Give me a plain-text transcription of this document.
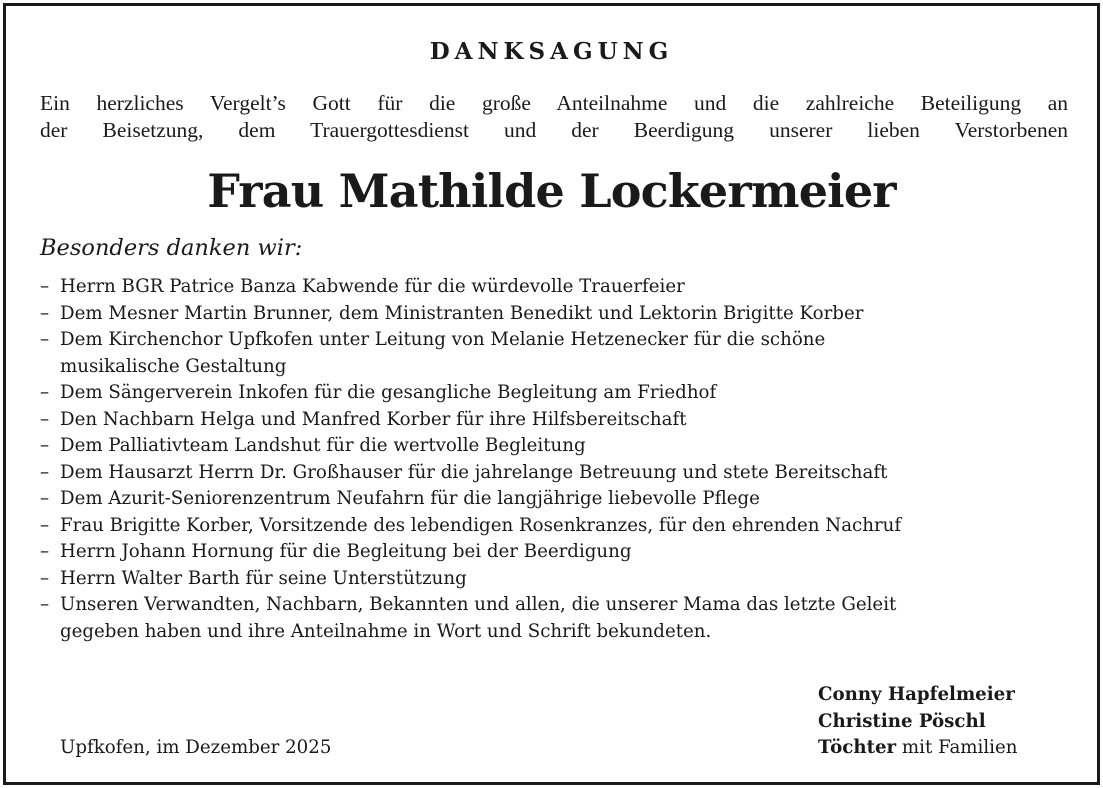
DANKSAGUNG
Ein herzliches Vergelt’s Gott für die große Anteilnahme und die zahlreiche Beteiligung an
der Beisetzung, dem Trauergottesdienst und der Beerdigung unserer lieben Verstorbenen
Frau Mathilde Lockermeier
Besonders danken wir:
– Herrn BGR Patrice Banza Kabwende für die würdevolle Trauerfeier
– Dem Mesner Martin Brunner, dem Ministranten Benedikt und Lektorin Brigitte Korber
– Dem Kirchenchor Upfkofen unter Leitung von Melanie Hetzenecker für die schöne
musikalische Gestaltung
– Dem Sängerverein Inkofen für die gesangliche Begleitung am Friedhof
– Den Nachbarn Helga und Manfred Korber für ihre Hilfsbereitschaft
– Dem Palliativteam Landshut für die wertvolle Begleitung
– Dem Hausarzt Herrn Dr. Großhauser für die jahrelange Betreuung und stete Bereitschaft
– Dem Azurit-Seniorenzentrum Neufahrn für die langjährige liebevolle Pflege
– Frau Brigitte Korber, Vorsitzende des lebendigen Rosenkranzes, für den ehrenden Nachruf
– Herrn Johann Hornung für die Begleitung bei der Beerdigung
– Herrn Walter Barth für seine Unterstützung
– Unseren Verwandten, Nachbarn, Bekannten und allen, die unserer Mama das letzte Geleit
gegeben haben und ihre Anteilnahme in Wort und Schrift bekundeten.
Upfkofen, im Dezember 2025
Conny Hapfelmeier
Christine Pöschl
Töchter mit Familien
